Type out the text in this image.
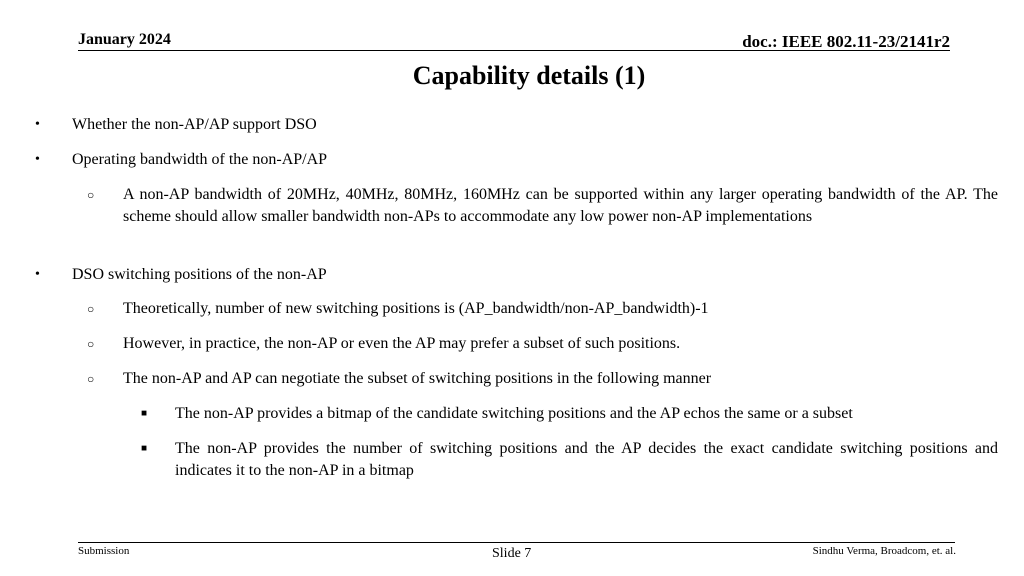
January 2024	doc.: IEEE 802.11-23/2141r2
Capability details (1)
• Whether the non-AP/AP support DSO
• Operating bandwidth of the non-AP/AP
○ A non-AP bandwidth of 20MHz, 40MHz, 80MHz, 160MHz can be supported within any larger operating bandwidth of the AP. The scheme should allow smaller bandwidth non-APs to accommodate any low power non-AP implementations
• DSO switching positions of the non-AP
○ Theoretically, number of new switching positions is (AP_bandwidth/non-AP_bandwidth)-1
○ However, in practice, the non-AP or even the AP may prefer a subset of such positions.
○ The non-AP and AP can negotiate the subset of switching positions in the following manner
■ The non-AP provides a bitmap of the candidate switching positions and the AP echos the same or a subset
■ The non-AP provides the number of switching positions and the AP decides the exact candidate switching positions and indicates it to the non-AP in a bitmap
Submission	Slide 7	Sindhu Verma, Broadcom, et. al.
